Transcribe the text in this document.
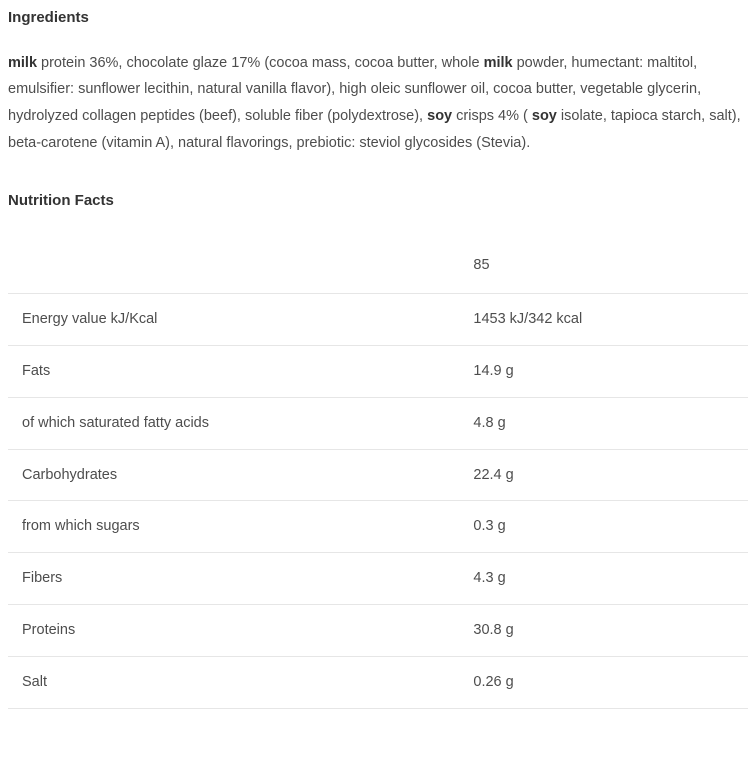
Ingredients

milk protein 36%, chocolate glaze 17% (cocoa mass, cocoa butter, whole milk powder, humectant: maltitol, emulsifier: sunflower lecithin, natural vanilla flavor), high oleic sunflower oil, cocoa butter, vegetable glycerin, hydrolyzed collagen peptides (beef), soluble fiber (polydextrose), soy crisps 4% ( soy isolate, tapioca starch, salt), beta-carotene (vitamin A), natural flavorings, prebiotic: steviol glycosides (Stevia).

Nutrition Facts
	85
Energy value kJ/Kcal	1453 kJ/342 kcal
Fats	14.9 g
of which saturated fatty acids	4.8 g
Carbohydrates	22.4 g
from which sugars	0.3 g
Fibers	4.3 g
Proteins	30.8 g
Salt	0.26 g
